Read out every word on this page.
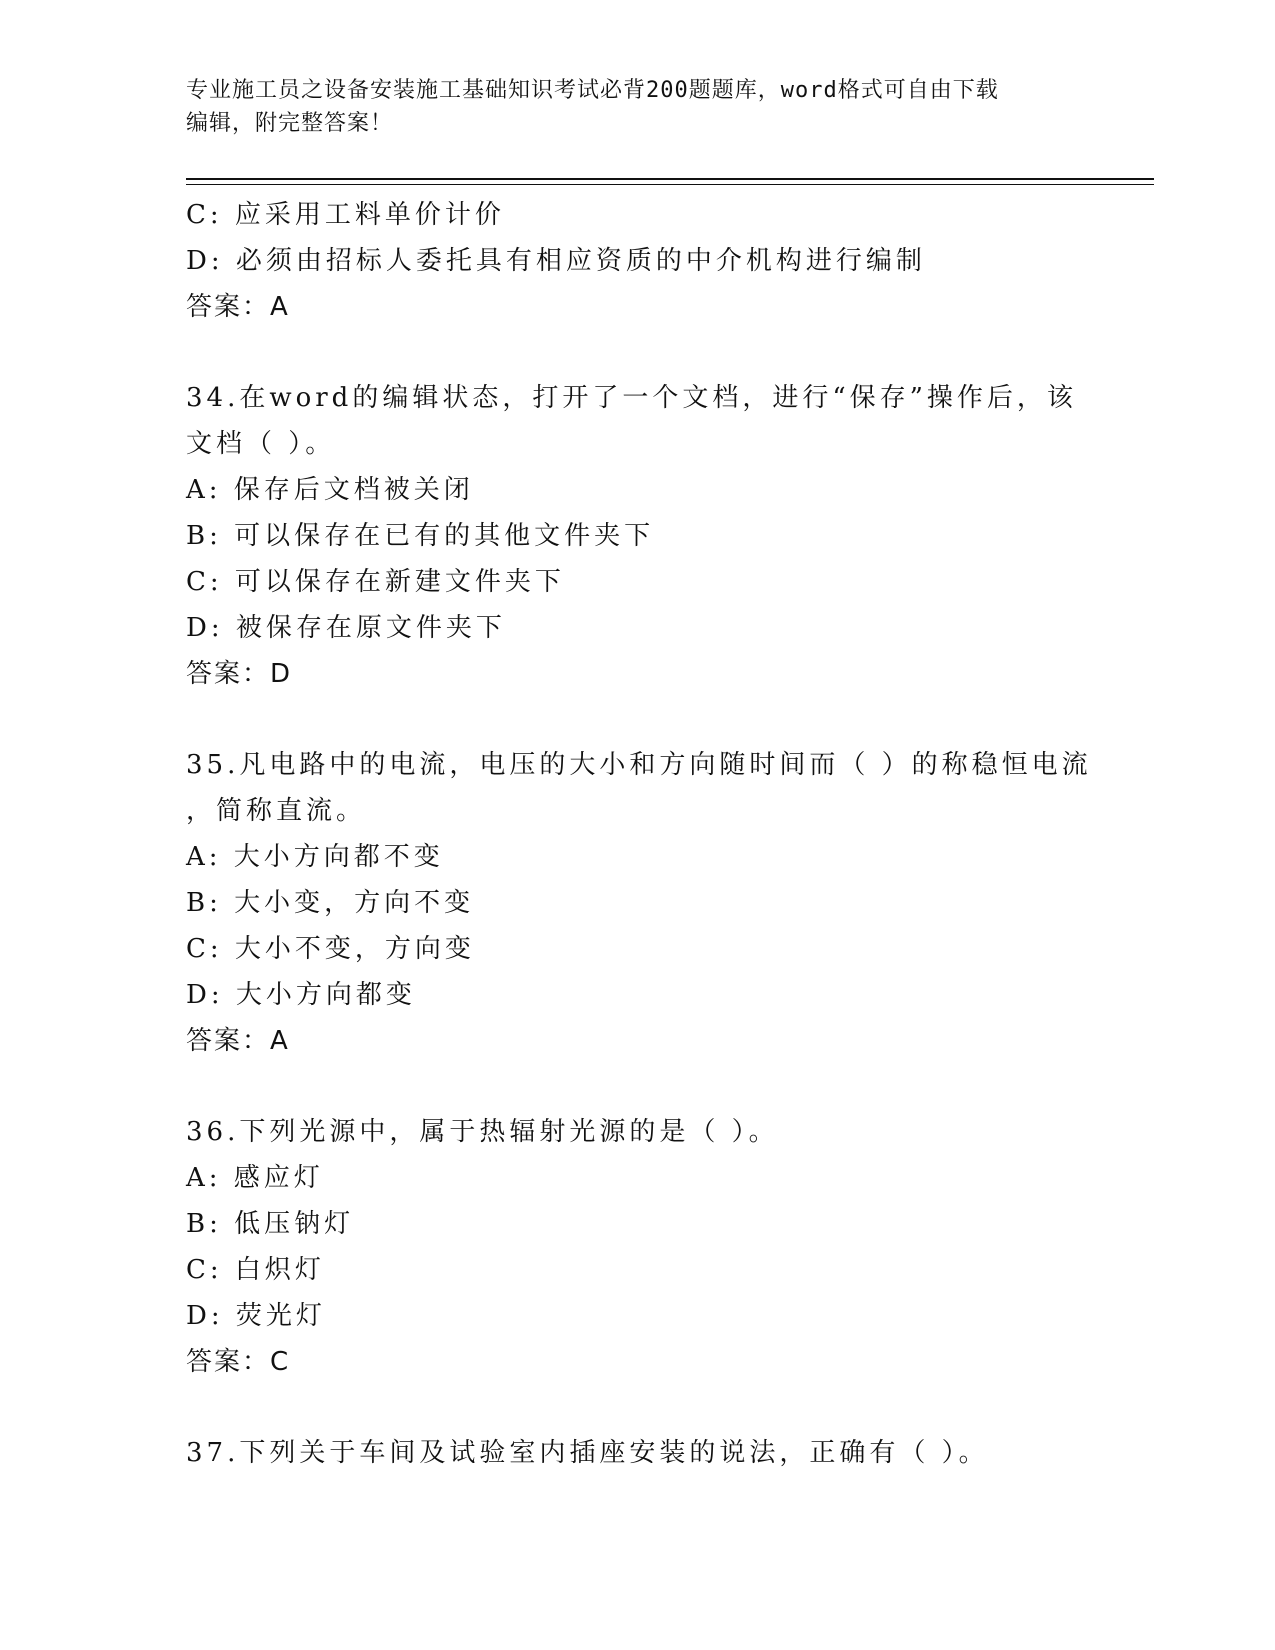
专业施工员之设备安装施工基础知识考试必背200题题库，word格式可自由下载
编辑，附完整答案！
C: 应采用工料单价计价
D: 必须由招标人委托具有相应资质的中介机构进行编制
答案：A
34.在word的编辑状态，打开了一个文档，进行“保存”操作后，该
文档（ ）。
A: 保存后文档被关闭
B: 可以保存在已有的其他文件夹下
C: 可以保存在新建文件夹下
D: 被保存在原文件夹下
答案：D
35.凡电路中的电流，电压的大小和方向随时间而（ ）的称稳恒电流
，简称直流。
A: 大小方向都不变
B: 大小变，方向不变
C: 大小不变，方向变
D: 大小方向都变
答案：A
36.下列光源中，属于热辐射光源的是（ ）。
A: 感应灯
B: 低压钠灯
C: 白炽灯
D: 荧光灯
答案：C
37.下列关于车间及试验室内插座安装的说法，正确有（ ）。
